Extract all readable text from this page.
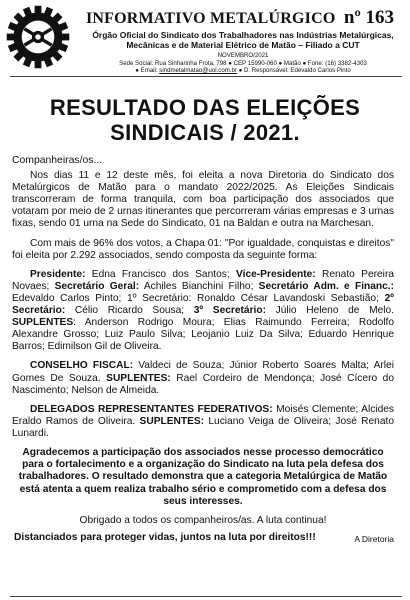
INFORMATIVO METALÚRGICO nº 163
Órgão Oficial do Sindicato dos Trabalhadores nas Indústrias Metalúrgicas,
Mecânicas e de Material Elétrico de Matão – Filiado a CUT
NOVEMBRO/2021
Sede Social: Rua Sinharinha Frota, 798 ● CEP 15990-060 ● Matão ● Fone: (16) 3382-4303
● Email: sindmetalmatao@uol.com.br ● D. Responsável: Edevaldo Carlos Pinto
RESULTADO DAS ELEIÇÕES
SINDICAIS / 2021.

Companheiras/os...

Nos dias 11 e 12 deste mês, foi eleita a nova Diretoria do Sindicato dos Metalúrgicos de Matão para o mandato 2022/2025. As Eleições Sindicais transcorreram de forma tranquila, com boa participação dos associados que votaram por meio de 2 urnas itinerantes que percorreram várias empresas e 3 urnas fixas, sendo 01 urna na Sede do Sindicato, 01 na Baldan e outra na Marchesan.

Com mais de 96% dos votos, a Chapa 01: "Por igualdade, conquistas e direitos" foi eleita por 2.292 associados, sendo composta da seguinte forma:

Presidente: Edna Francisco dos Santos; Vice-Presidente: Renato Pereira Novaes; Secretário Geral: Achiles Bianchini Filho; Secretário Adm. e Financ.: Edevaldo Carlos Pinto; 1º Secretário: Ronaldo César Lavandoski Sebastião; 2º Secretário: Célio Ricardo Sousa; 3º Secretário: Júlio Heleno de Melo. SUPLENTES: Anderson Rodrigo Moura; Elias Raimundo Ferreira; Rodolfo Alexandre Grosso; Luiz Paulo Silva; Leojanio Luiz Da Silva; Eduardo Henrique Barros; Edimilson Gil de Oliveira.

CONSELHO FISCAL: Valdeci de Souza; Júnior Roberto Soares Malta; Arlei Gomes De Souza. SUPLENTES: Rael Cordeiro de Mendonça; José Cícero do Nascimento; Nelson de Almeida.

DELEGADOS REPRESENTANTES FEDERATIVOS: Moisés Clemente; Alcides Eraldo Ramos de Oliveira. SUPLENTES: Luciano Veiga de Oliveira; José Renato Lunardi.

Agradecemos a participação dos associados nesse processo democrático para o fortalecimento e a organização do Sindicato na luta pela defesa dos trabalhadores. O resultado demonstra que a categoria Metalúrgica de Matão está atenta a quem realiza trabalho sério e comprometido com a defesa dos seus interesses.

Obrigado a todos os companheiros/as. A luta continua!

Distanciados para proteger vidas, juntos na luta por direitos!!!	A Diretoria
